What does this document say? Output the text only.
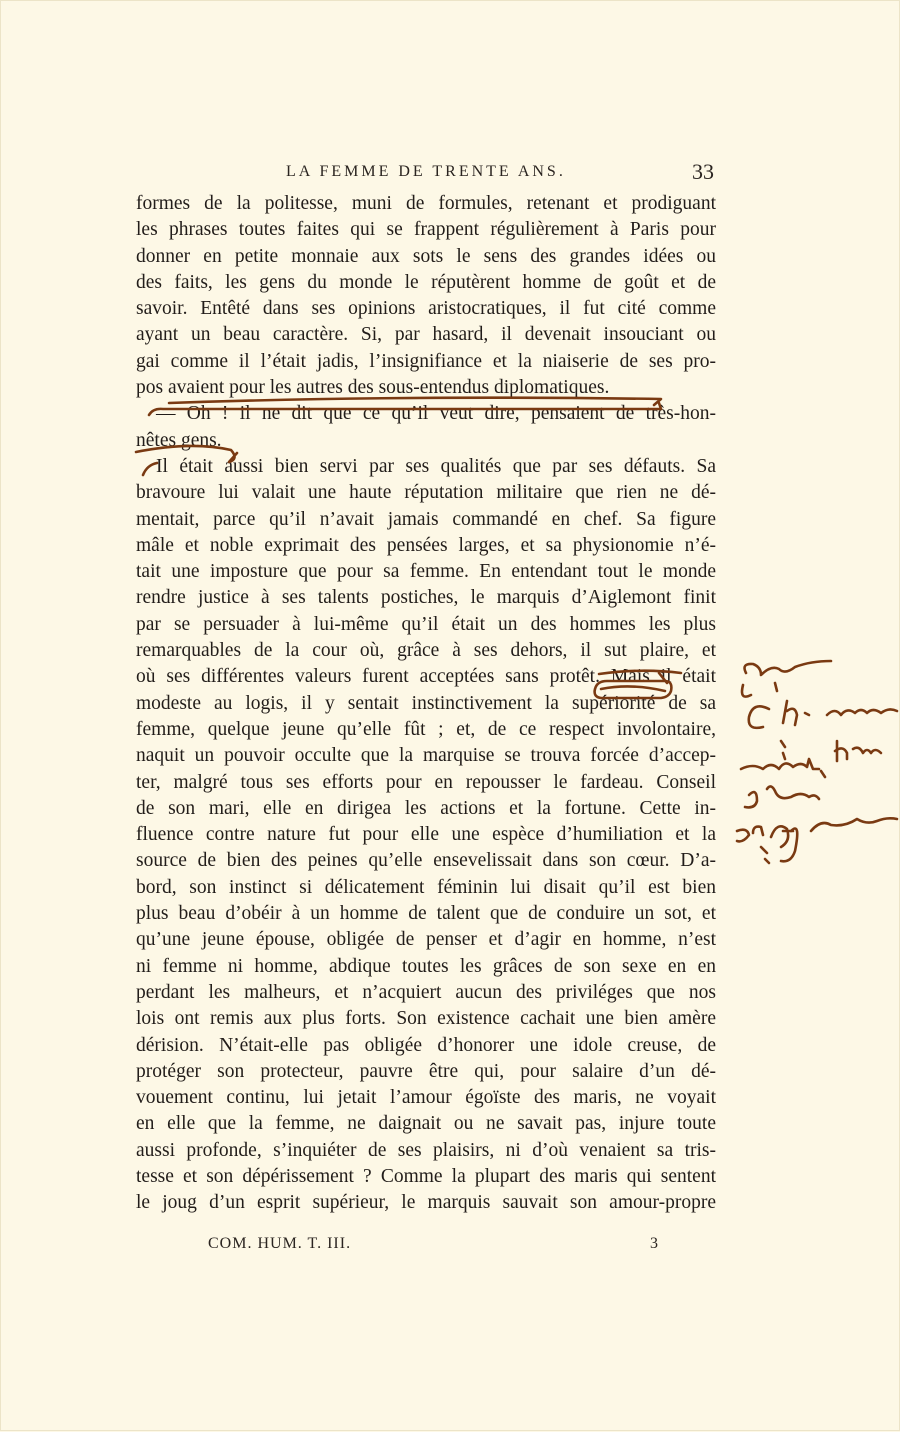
LA FEMME DE TRENTE ANS.	33
formes de la politesse, muni de formules, retenant et prodiguant
les phrases toutes faites qui se frappent régulièrement à Paris pour
donner en petite monnaie aux sots le sens des grandes idées ou
des faits, les gens du monde le réputèrent homme de goût et de
savoir. Entêté dans ses opinions aristocratiques, il fut cité comme
ayant un beau caractère. Si, par hasard, il devenait insouciant ou
gai comme il l’était jadis, l’insignifiance et la niaiserie de ses pro-
pos avaient pour les autres des sous-entendus diplomatiques.
— Oh ! il ne dit que ce qu’il veut dire, pensaient de très-hon-
nêtes gens.
Il était aussi bien servi par ses qualités que par ses défauts. Sa
bravoure lui valait une haute réputation militaire que rien ne dé-
mentait, parce qu’il n’avait jamais commandé en chef. Sa figure
mâle et noble exprimait des pensées larges, et sa physionomie n’é-
tait une imposture que pour sa femme. En entendant tout le monde
rendre justice à ses talents postiches, le marquis d’Aiglemont finit
par se persuader à lui-même qu’il était un des hommes les plus
remarquables de la cour où, grâce à ses dehors, il sut plaire, et
où ses différentes valeurs furent acceptées sans protêt. Mais il était
modeste au logis, il y sentait instinctivement la supériorité de sa
femme, quelque jeune qu’elle fût ; et, de ce respect involontaire,
naquit un pouvoir occulte que la marquise se trouva forcée d’accep-
ter, malgré tous ses efforts pour en repousser le fardeau. Conseil
de son mari, elle en dirigea les actions et la fortune. Cette in-
fluence contre nature fut pour elle une espèce d’humiliation et la
source de bien des peines qu’elle ensevelissait dans son cœur. D’a-
bord, son instinct si délicatement féminin lui disait qu’il est bien
plus beau d’obéir à un homme de talent que de conduire un sot, et
qu’une jeune épouse, obligée de penser et d’agir en homme, n’est
ni femme ni homme, abdique toutes les grâces de son sexe en en
perdant les malheurs, et n’acquiert aucun des priviléges que nos
lois ont remis aux plus forts. Son existence cachait une bien amère
dérision. N’était-elle pas obligée d’honorer une idole creuse, de
protéger son protecteur, pauvre être qui, pour salaire d’un dé-
vouement continu, lui jetait l’amour égoïste des maris, ne voyait
en elle que la femme, ne daignait ou ne savait pas, injure toute
aussi profonde, s’inquiéter de ses plaisirs, ni d’où venaient sa tris-
tesse et son dépérissement ? Comme la plupart des maris qui sentent
le joug d’un esprit supérieur, le marquis sauvait son amour-propre
COM. HUM. T. III.	3
